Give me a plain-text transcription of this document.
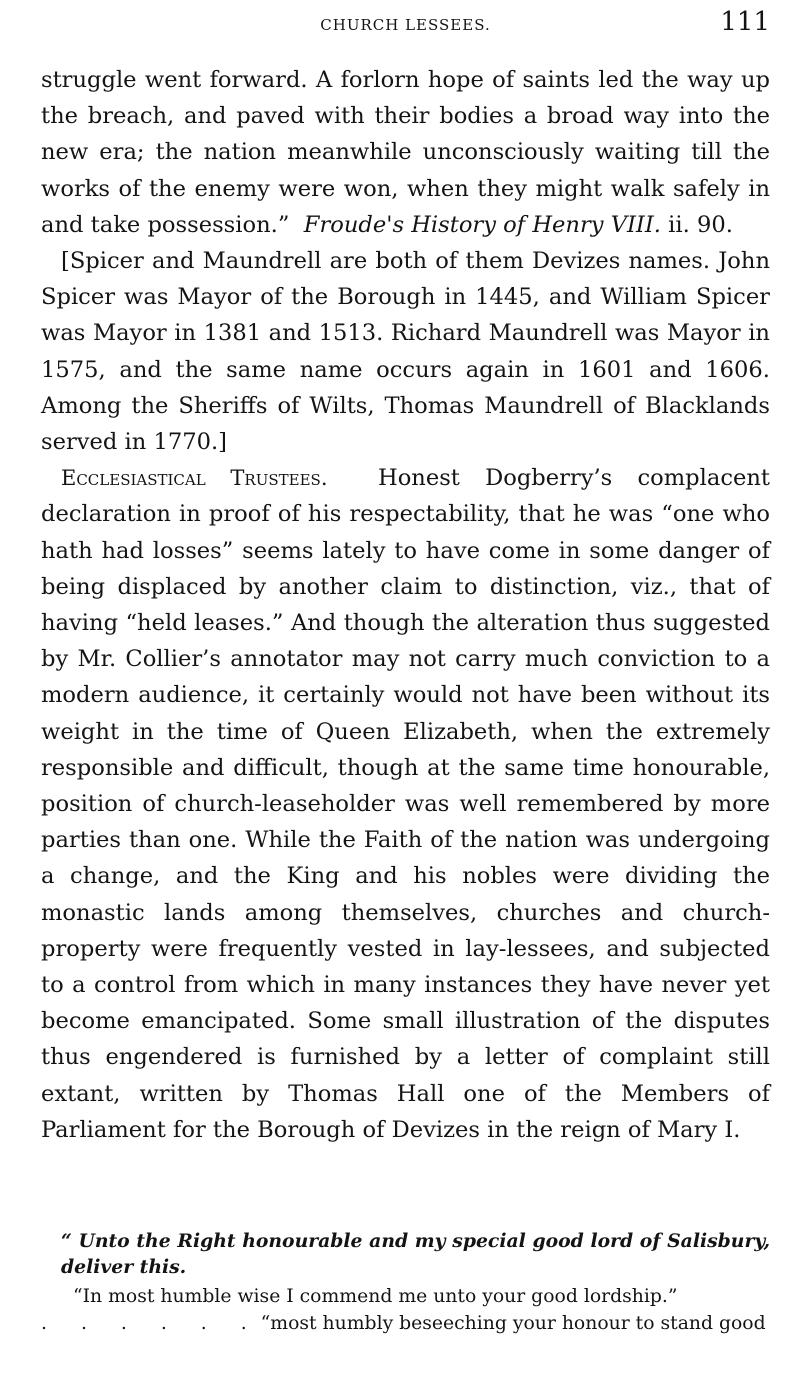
CHURCH LESSEES.	111

struggle went forward. A forlorn hope of saints led the way up the breach, and paved with their bodies a broad way into the new era; the nation meanwhile unconsciously waiting till the works of the enemy were won, when they might walk safely in and take possession.” Froude's History of Henry VIII. ii. 90.

[Spicer and Maundrell are both of them Devizes names. John Spicer was Mayor of the Borough in 1445, and William Spicer was Mayor in 1381 and 1513. Richard Maundrell was Mayor in 1575, and the same name occurs again in 1601 and 1606. Among the Sheriffs of Wilts, Thomas Maundrell of Blacklands served in 1770.]

Ecclesiastical Trustees. Honest Dogberry’s complacent declaration in proof of his respectability, that he was “one who hath had losses” seems lately to have come in some danger of being displaced by another claim to distinction, viz., that of having “held leases.” And though the alteration thus suggested by Mr. Collier’s annotator may not carry much conviction to a modern audience, it certainly would not have been without its weight in the time of Queen Elizabeth, when the extremely responsible and difficult, though at the same time honourable, position of church-leaseholder was well remembered by more parties than one. While the Faith of the nation was undergoing a change, and the King and his nobles were dividing the monastic lands among themselves, churches and church-property were frequently vested in lay-lessees, and subjected to a control from which in many instances they have never yet become emancipated. Some small illustration of the disputes thus engendered is furnished by a letter of complaint still extant, written by Thomas Hall one of the Members of Parliament for the Borough of Devizes in the reign of Mary I.

“ Unto the Right honourable and my special good lord of Salisbury, deliver this.

“In most humble wise I commend me unto your good lordship.”

. . . . . .“most humbly beseeching your honour to stand good
